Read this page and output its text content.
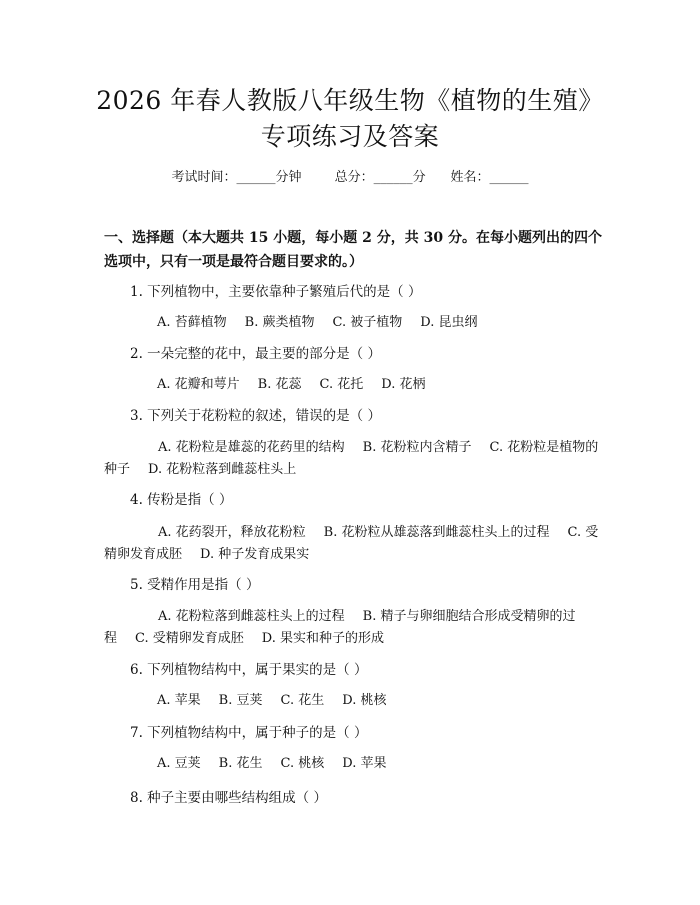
2026 年春人教版八年级生物《植物的生殖》
专项练习及答案
考试时间：______分钟	总分：______分 姓名：______
一、选择题（本大题共 15 小题，每小题 2 分，共 30 分。在每小题列出的四个选项中，只有一项是最符合题目要求的。）
1. 下列植物中，主要依靠种子繁殖后代的是（ ）
A. 苔藓植物 B. 蕨类植物 C. 被子植物 D. 昆虫纲
2. 一朵完整的花中，最主要的部分是（ ）
A. 花瓣和萼片 B. 花蕊 C. 花托 D. 花柄
3. 下列关于花粉粒的叙述，错误的是（ ）
A. 花粉粒是雄蕊的花药里的结构 B. 花粉粒内含精子 C. 花粉粒是植物的种子 D. 花粉粒落到雌蕊柱头上
4. 传粉是指（ ）
A. 花药裂开，释放花粉粒 B. 花粉粒从雄蕊落到雌蕊柱头上的过程 C. 受精卵发育成胚 D. 种子发育成果实
5. 受精作用是指（ ）
A. 花粉粒落到雌蕊柱头上的过程 B. 精子与卵细胞结合形成受精卵的过程 C. 受精卵发育成胚 D. 果实和种子的形成
6. 下列植物结构中，属于果实的是（ ）
A. 苹果 B. 豆荚 C. 花生 D. 桃核
7. 下列植物结构中，属于种子的是（ ）
A. 豆荚 B. 花生 C. 桃核 D. 苹果
8. 种子主要由哪些结构组成（ ）
